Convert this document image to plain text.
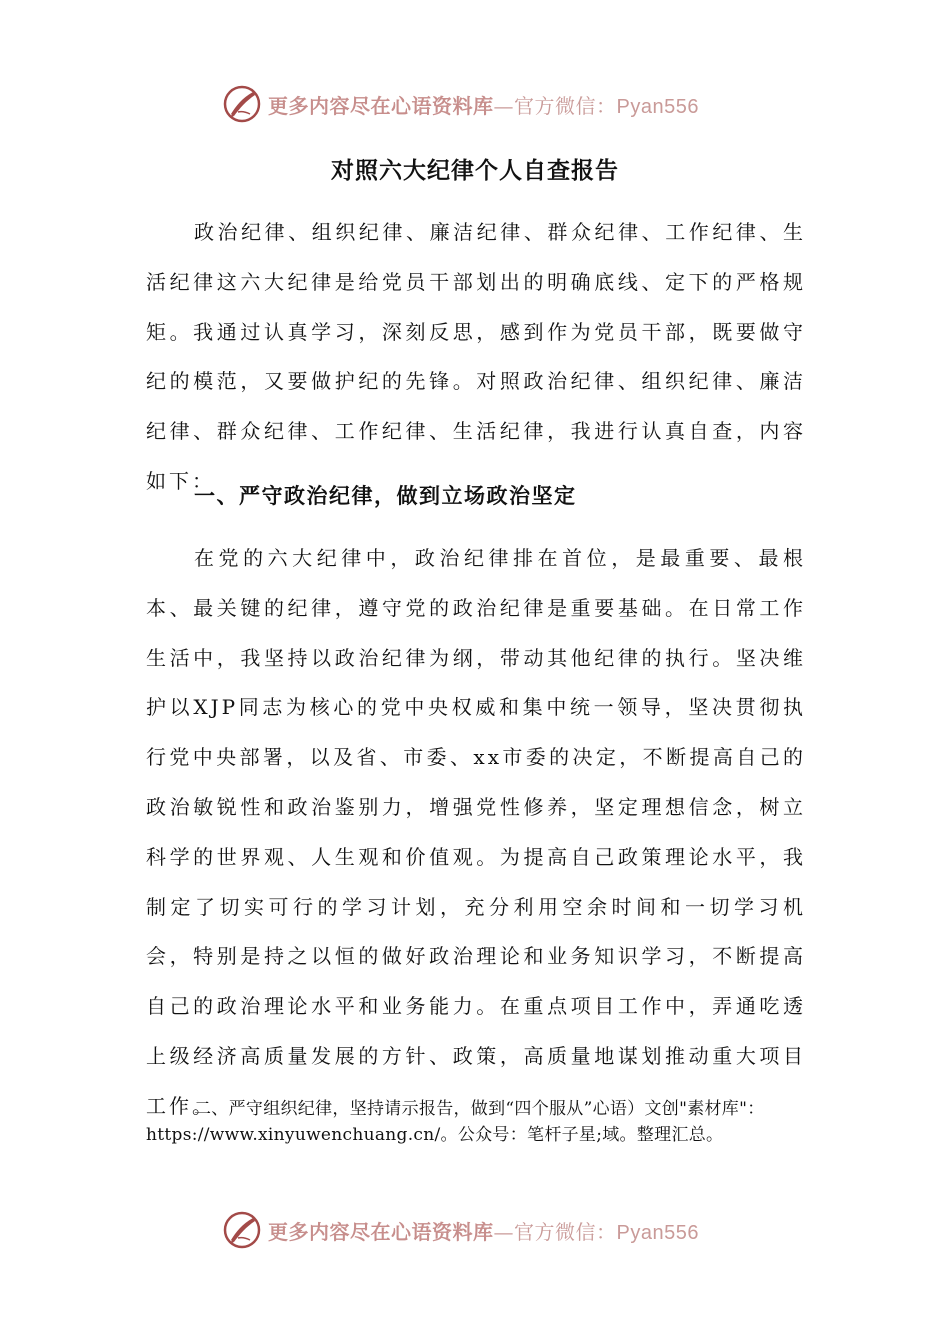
更多内容尽在心语资料库—官方微信：Pyan556
对照六大纪律个人自查报告

政治纪律、组织纪律、廉洁纪律、群众纪律、工作纪律、生活纪律这六大纪律是给党员干部划出的明确底线、定下的严格规矩。我通过认真学习，深刻反思，感到作为党员干部，既要做守纪的模范，又要做护纪的先锋。对照政治纪律、组织纪律、廉洁纪律、群众纪律、工作纪律、生活纪律，我进行认真自查，内容如下：

一、严守政治纪律，做到立场政治坚定

在党的六大纪律中，政治纪律排在首位，是最重要、最根本、最关键的纪律，遵守党的政治纪律是重要基础。在日常工作生活中，我坚持以政治纪律为纲，带动其他纪律的执行。坚决维护以XJP同志为核心的党中央权威和集中统一领导，坚决贯彻执行党中央部署，以及省、市委、xx市委的决定，不断提高自己的政治敏锐性和政治鉴别力，增强党性修养，坚定理想信念，树立科学的世界观、人生观和价值观。为提高自己政策理论水平，我制定了切实可行的学习计划，充分利用空余时间和一切学习机会，特别是持之以恒的做好政治理论和业务知识学习，不断提高自己的政治理论水平和业务能力。在重点项目工作中，弄通吃透上级经济高质量发展的方针、政策，高质量地谋划推动重大项目工作。

二、严守组织纪律，坚持请示报告，做到“四个服从”心语）文创"素材库"：https://www.xinyuwenchuang.cn/。公众号：笔杆子星;域。整理汇总。

更多内容尽在心语资料库—官方微信：Pyan556
